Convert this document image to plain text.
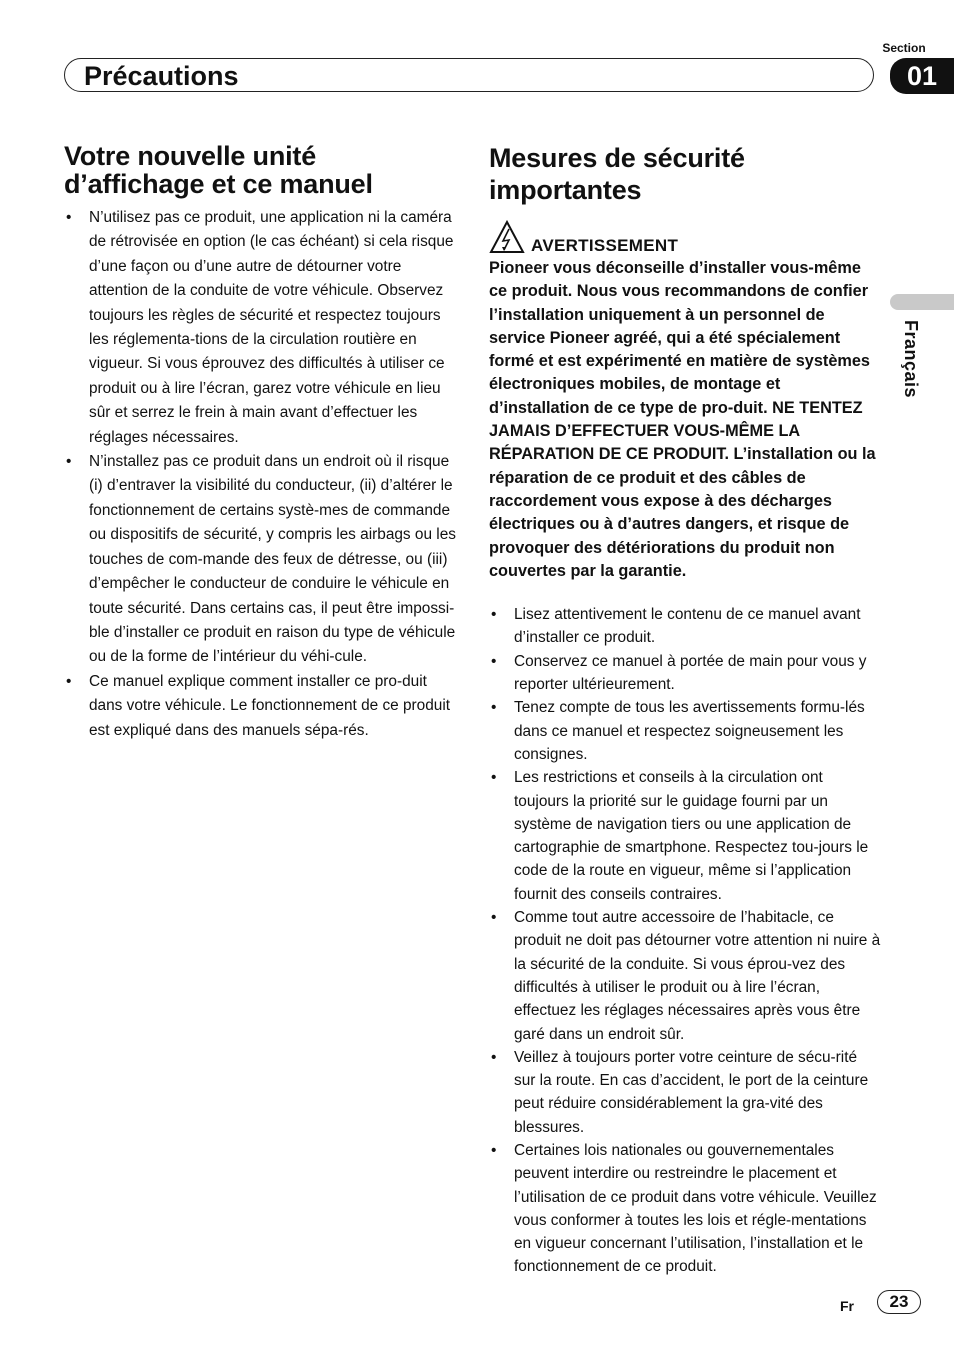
Section
01
Précautions
Français
Votre nouvelle unité d’affichage et ce manuel
• N’utilisez pas ce produit, une application ni la caméra de rétrovisée en option (le cas échéant) si cela risque d’une façon ou d’une autre de détourner votre attention de la conduite de votre véhicule. Observez toujours les règles de sécurité et respectez toujours les réglementa-tions de la circulation routière en vigueur. Si vous éprouvez des difficultés à utiliser ce produit ou à lire l’écran, garez votre véhicule en lieu sûr et serrez le frein à main avant d’effectuer les réglages nécessaires.
• N’installez pas ce produit dans un endroit où il risque (i) d’entraver la visibilité du conducteur, (ii) d’altérer le fonctionnement de certains systè-mes de commande ou dispositifs de sécurité, y compris les airbags ou les touches de com-mande des feux de détresse, ou (iii) d’empêcher le conducteur de conduire le véhicule en toute sécurité. Dans certains cas, il peut être impossi-ble d’installer ce produit en raison du type de véhicule ou de la forme de l’intérieur du véhi-cule.
• Ce manuel explique comment installer ce pro-duit dans votre véhicule. Le fonctionnement de ce produit est expliqué dans des manuels sépa-rés.
Mesures de sécurité importantes
AVERTISSEMENT

Pioneer vous déconseille d’installer vous-même ce produit. Nous vous recommandons de confier l’installation uniquement à un personnel de service Pioneer agréé, qui a été spécialement formé et est expérimenté en matière de systèmes électroniques mobiles, de montage et d’installation de ce type de pro-duit. NE TENTEZ JAMAIS D’EFFECTUER VOUS-MÊME LA RÉPARATION DE CE PRODUIT. L’installation ou la réparation de ce produit et des câbles de raccordement vous expose à des décharges électriques ou à d’autres dangers, et risque de provoquer des détériorations du produit non couvertes par la garantie.

• Lisez attentivement le contenu de ce manuel avant d’installer ce produit.
• Conservez ce manuel à portée de main pour vous y reporter ultérieurement.
• Tenez compte de tous les avertissements formu-lés dans ce manuel et respectez soigneusement les consignes.
• Les restrictions et conseils à la circulation ont toujours la priorité sur le guidage fourni par un système de navigation tiers ou une application de cartographie de smartphone. Respectez tou-jours le code de la route en vigueur, même si l’application fournit des conseils contraires.
• Comme tout autre accessoire de l’habitacle, ce produit ne doit pas détourner votre attention ni nuire à la sécurité de la conduite. Si vous éprou-vez des difficultés à utiliser le produit ou à lire l’écran, effectuez les réglages nécessaires après vous être garé dans un endroit sûr.
• Veillez à toujours porter votre ceinture de sécu-rité sur la route. En cas d’accident, le port de la ceinture peut réduire considérablement la gra-vité des blessures.
• Certaines lois nationales ou gouvernementales peuvent interdire ou restreindre le placement et l’utilisation de ce produit dans votre véhicule. Veuillez vous conformer à toutes les lois et régle-mentations en vigueur concernant l’utilisation, l’installation et le fonctionnement de ce produit.
Fr	23
